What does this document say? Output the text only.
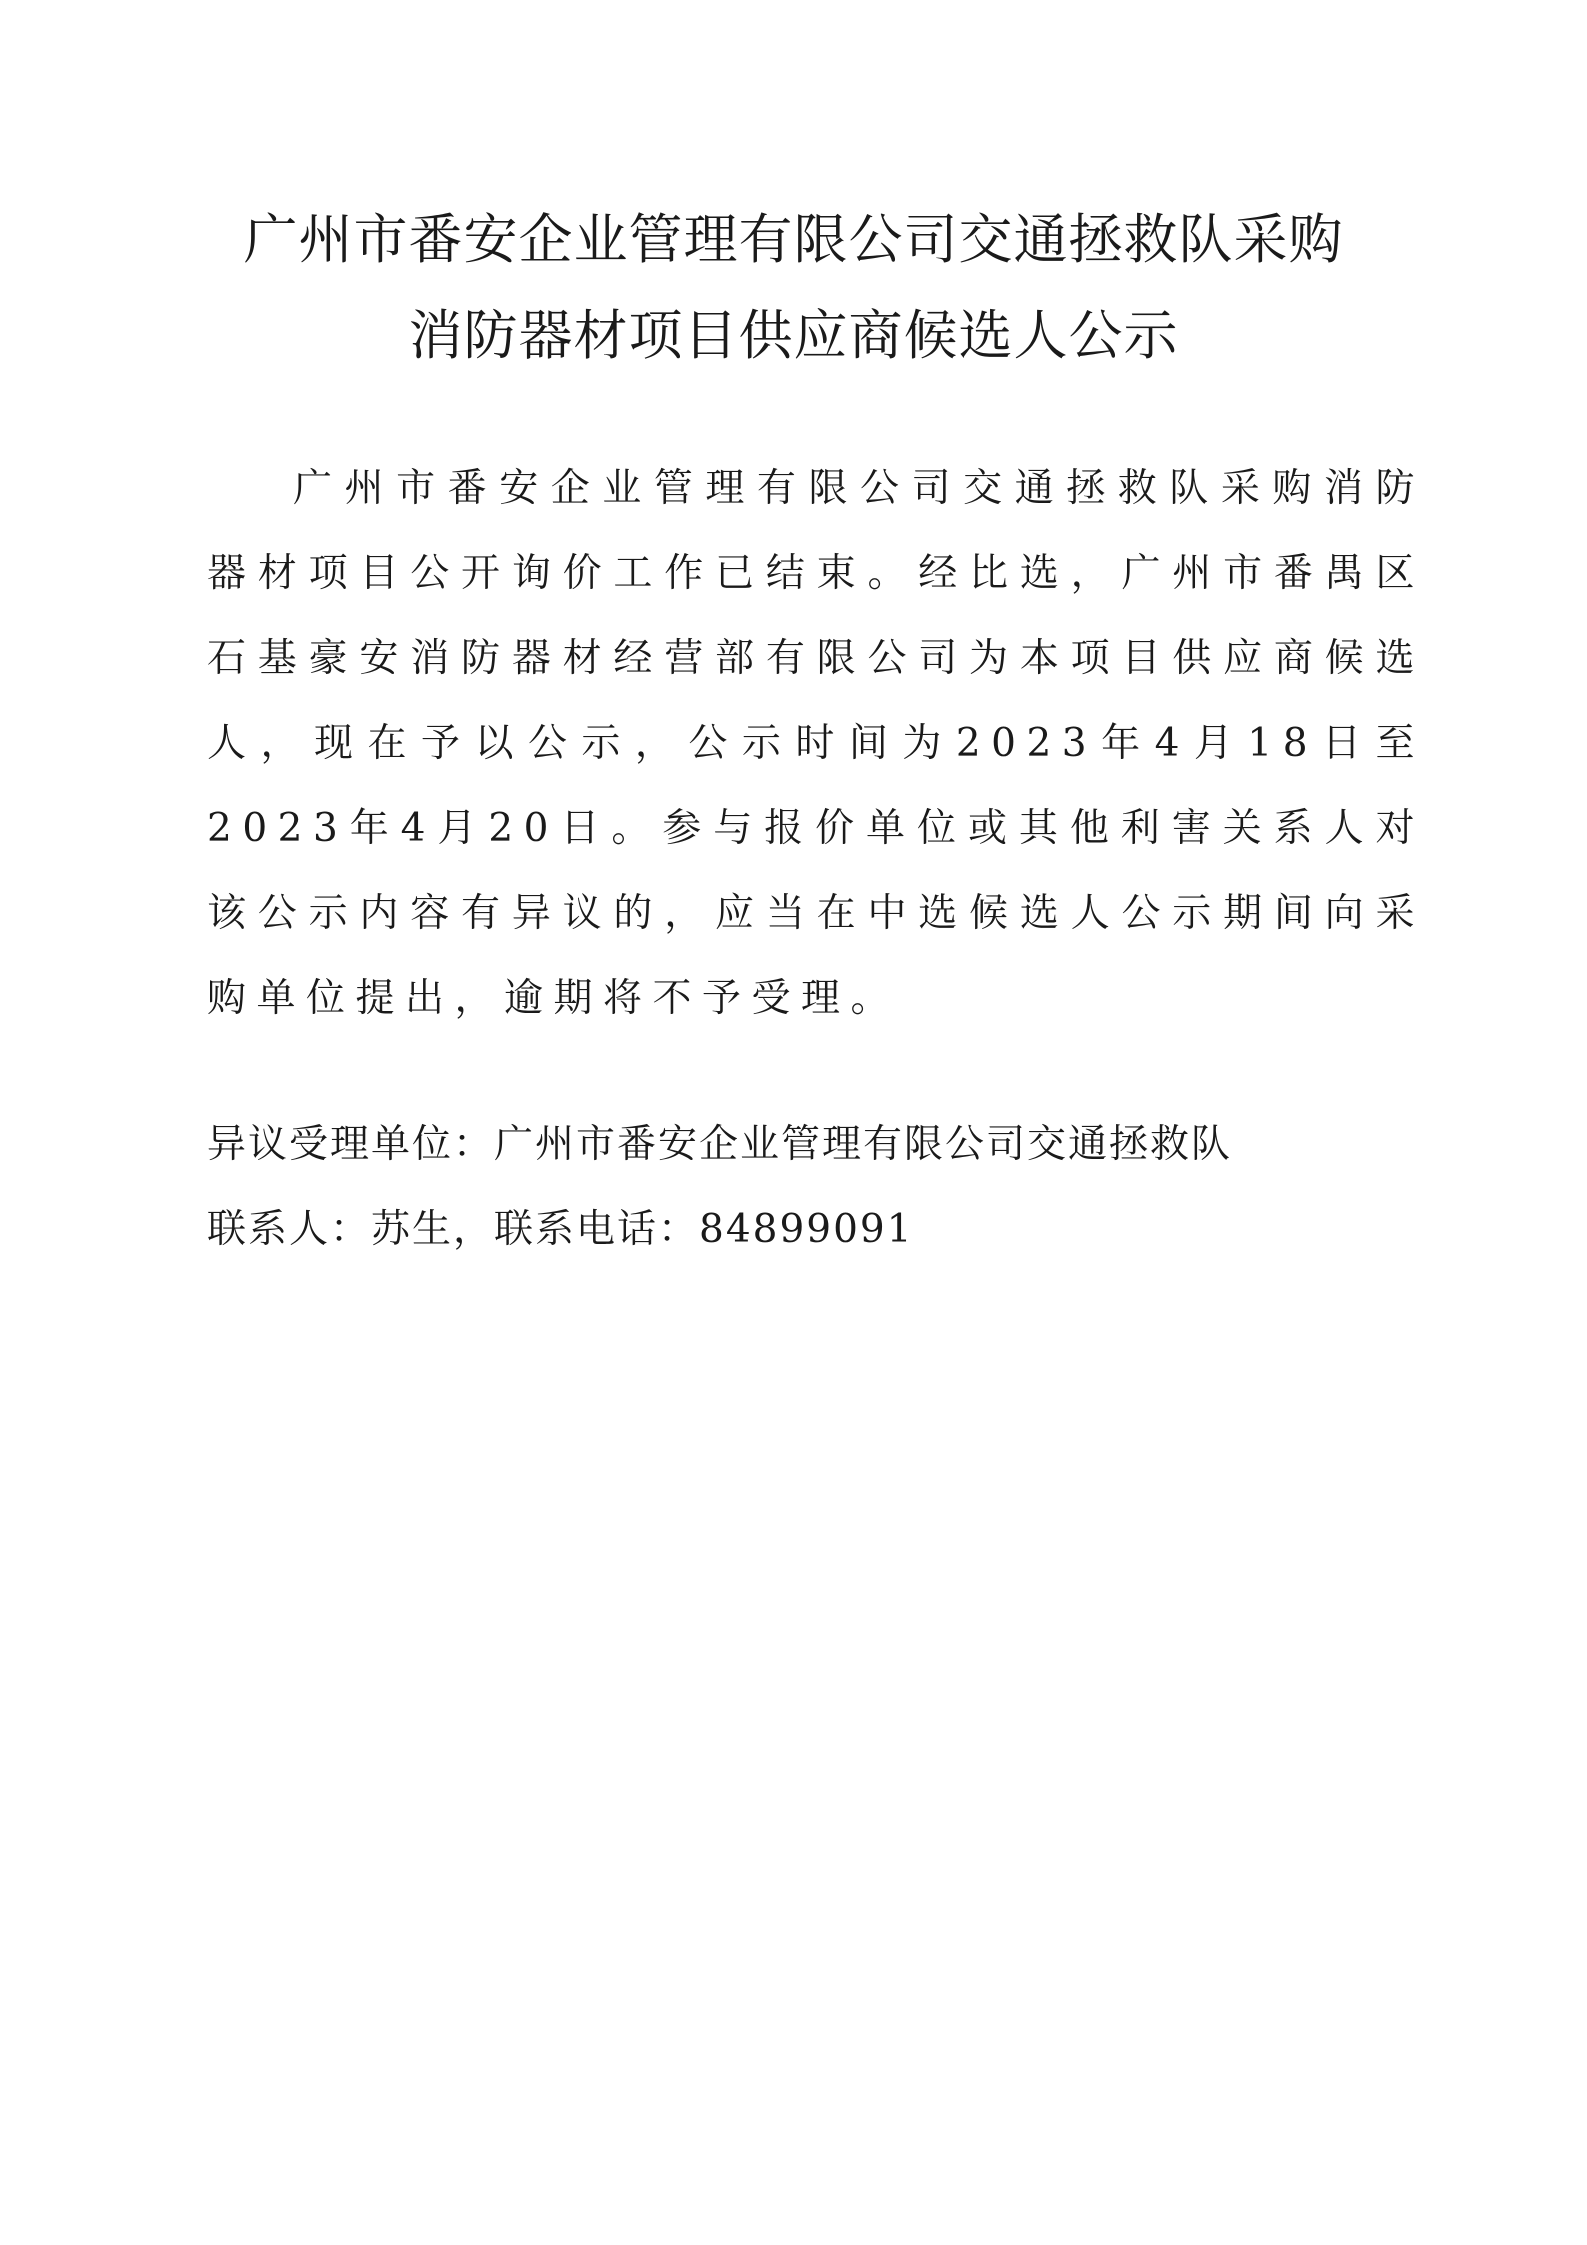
广州市番安企业管理有限公司交通拯救队采购
消防器材项目供应商候选人公示

广州市番安企业管理有限公司交通拯救队采购消防器材项目公开询价工作已结束。经比选，广州市番禺区石基豪安消防器材经营部有限公司为本项目供应商候选人，现在予以公示，公示时间为2023年4月18日至2023年4月20日。参与报价单位或其他利害关系人对该公示内容有异议的，应当在中选候选人公示期间向采购单位提出，逾期将不予受理。

异议受理单位：广州市番安企业管理有限公司交通拯救队
联系人：苏生，联系电话：84899091
